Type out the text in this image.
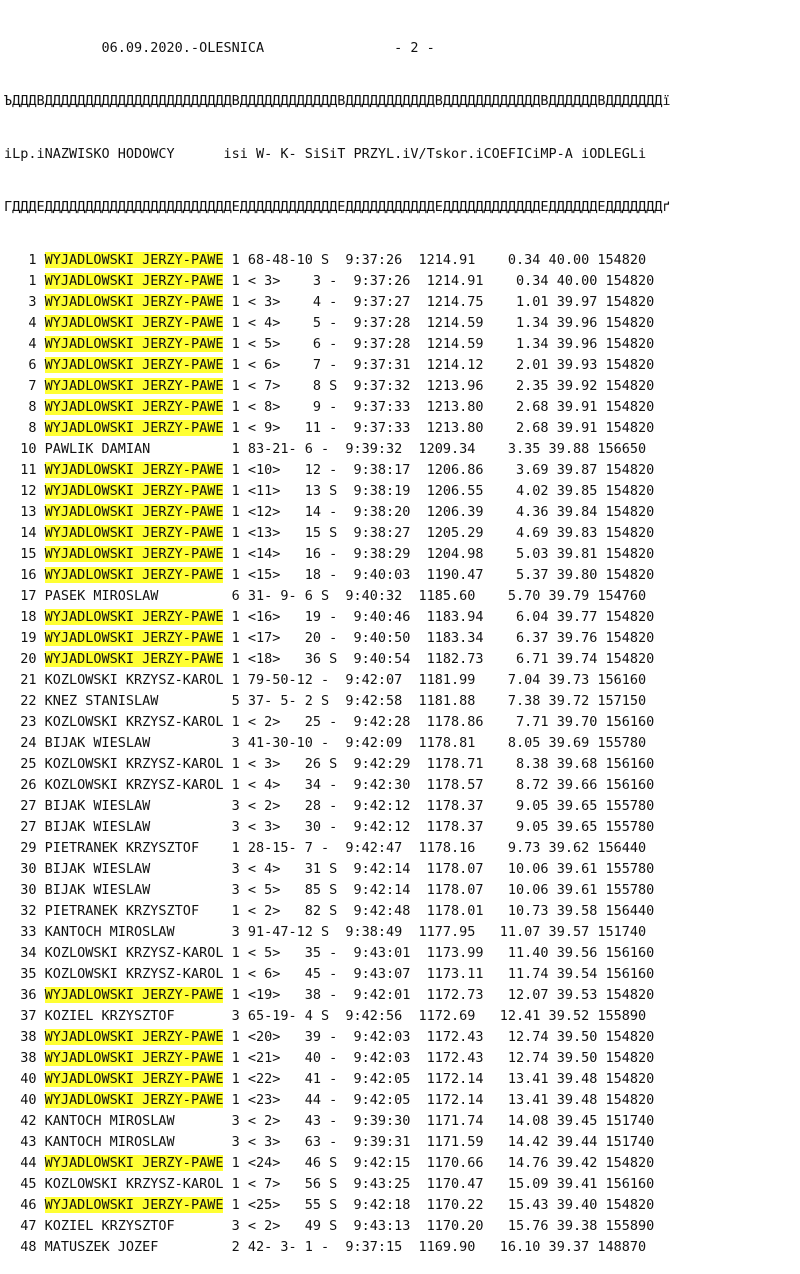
06.09.2020.-OLESNICA                - 2 -

ЪДДДВДДДДДДДДДДДДДДДДДДДДДДДВДДДДДДДДДДДДВДДДДДДДДДДДВДДДДДДДДДДДДВДДДДДДВДДДДДДДї

іLp.іNAZWISKO HODOWCY      isi W- K- SiSiT PRZYL.iV/Tskor.iCOEFICiMP-A iODLEGLi

ГДДДЕДДДДДДДДДДДДДДДДДДДДДДДЕДДДДДДДДДДДДЕДДДДДДДДДДДЕДДДДДДДДДДДДЕДДДДДДЕДДДДДДДґ

1 WYJADLOWSKI JERZY-PAWE 1 68-48-10 S  9:37:26  1214.91    0.34 40.00 154820
1 WYJADLOWSKI JERZY-PAWE 1 < 3>    3 -  9:37:26  1214.91    0.34 40.00 154820
3 WYJADLOWSKI JERZY-PAWE 1 < 3>    4 -  9:37:27  1214.75    1.01 39.97 154820
4 WYJADLOWSKI JERZY-PAWE 1 < 4>    5 -  9:37:28  1214.59    1.34 39.96 154820
4 WYJADLOWSKI JERZY-PAWE 1 < 5>    6 -  9:37:28  1214.59    1.34 39.96 154820
6 WYJADLOWSKI JERZY-PAWE 1 < 6>    7 -  9:37:31  1214.12    2.01 39.93 154820
7 WYJADLOWSKI JERZY-PAWE 1 < 7>    8 S  9:37:32  1213.96    2.35 39.92 154820
8 WYJADLOWSKI JERZY-PAWE 1 < 8>    9 -  9:37:33  1213.80    2.68 39.91 154820
8 WYJADLOWSKI JERZY-PAWE 1 < 9>   11 -  9:37:33  1213.80    2.68 39.91 154820
10 PAWLIK DAMIAN          1 83-21- 6 -  9:39:32  1209.34    3.35 39.88 156650
11 WYJADLOWSKI JERZY-PAWE 1 <10>   12 -  9:38:17  1206.86    3.69 39.87 154820
12 WYJADLOWSKI JERZY-PAWE 1 <11>   13 S  9:38:19  1206.55    4.02 39.85 154820
13 WYJADLOWSKI JERZY-PAWE 1 <12>   14 -  9:38:20  1206.39    4.36 39.84 154820
14 WYJADLOWSKI JERZY-PAWE 1 <13>   15 S  9:38:27  1205.29    4.69 39.83 154820
15 WYJADLOWSKI JERZY-PAWE 1 <14>   16 -  9:38:29  1204.98    5.03 39.81 154820
16 WYJADLOWSKI JERZY-PAWE 1 <15>   18 -  9:40:03  1190.47    5.37 39.80 154820
17 PASEK MIROSLAW         6 31- 9- 6 S  9:40:32  1185.60    5.70 39.79 154760
18 WYJADLOWSKI JERZY-PAWE 1 <16>   19 -  9:40:46  1183.94    6.04 39.77 154820
19 WYJADLOWSKI JERZY-PAWE 1 <17>   20 -  9:40:50  1183.34    6.37 39.76 154820
20 WYJADLOWSKI JERZY-PAWE 1 <18>   36 S  9:40:54  1182.73    6.71 39.74 154820
21 KOZLOWSKI KRZYSZ-KAROL 1 79-50-12 -  9:42:07  1181.99    7.04 39.73 156160
22 KNEZ STANISLAW         5 37- 5- 2 S  9:42:58  1181.88    7.38 39.72 157150
23 KOZLOWSKI KRZYSZ-KAROL 1 < 2>   25 -  9:42:28  1178.86    7.71 39.70 156160
24 BIJAK WIESLAW          3 41-30-10 -  9:42:09  1178.81    8.05 39.69 155780
25 KOZLOWSKI KRZYSZ-KAROL 1 < 3>   26 S  9:42:29  1178.71    8.38 39.68 156160
26 KOZLOWSKI KRZYSZ-KAROL 1 < 4>   34 -  9:42:30  1178.57    8.72 39.66 156160
27 BIJAK WIESLAW          3 < 2>   28 -  9:42:12  1178.37    9.05 39.65 155780
27 BIJAK WIESLAW          3 < 3>   30 -  9:42:12  1178.37    9.05 39.65 155780
29 PIETRANEK KRZYSZTOF    1 28-15- 7 -  9:42:47  1178.16    9.73 39.62 156440
30 BIJAK WIESLAW          3 < 4>   31 S  9:42:14  1178.07   10.06 39.61 155780
30 BIJAK WIESLAW          3 < 5>   85 S  9:42:14  1178.07   10.06 39.61 155780
32 PIETRANEK KRZYSZTOF    1 < 2>   82 S  9:42:48  1178.01   10.73 39.58 156440
33 KANTOCH MIROSLAW       3 91-47-12 S  9:38:49  1177.95   11.07 39.57 151740
34 KOZLOWSKI KRZYSZ-KAROL 1 < 5>   35 -  9:43:01  1173.99   11.40 39.56 156160
35 KOZLOWSKI KRZYSZ-KAROL 1 < 6>   45 -  9:43:07  1173.11   11.74 39.54 156160
36 WYJADLOWSKI JERZY-PAWE 1 <19>   38 -  9:42:01  1172.73   12.07 39.53 154820
37 KOZIEL KRZYSZTOF       3 65-19- 4 S  9:42:56  1172.69   12.41 39.52 155890
38 WYJADLOWSKI JERZY-PAWE 1 <20>   39 -  9:42:03  1172.43   12.74 39.50 154820
38 WYJADLOWSKI JERZY-PAWE 1 <21>   40 -  9:42:03  1172.43   12.74 39.50 154820
40 WYJADLOWSKI JERZY-PAWE 1 <22>   41 -  9:42:05  1172.14   13.41 39.48 154820
40 WYJADLOWSKI JERZY-PAWE 1 <23>   44 -  9:42:05  1172.14   13.41 39.48 154820
42 KANTOCH MIROSLAW       3 < 2>   43 -  9:39:30  1171.74   14.08 39.45 151740
43 KANTOCH MIROSLAW       3 < 3>   63 -  9:39:31  1171.59   14.42 39.44 151740
44 WYJADLOWSKI JERZY-PAWE 1 <24>   46 S  9:42:15  1170.66   14.76 39.42 154820
45 KOZLOWSKI KRZYSZ-KAROL 1 < 7>   56 S  9:43:25  1170.47   15.09 39.41 156160
46 WYJADLOWSKI JERZY-PAWE 1 <25>   55 S  9:42:18  1170.22   15.43 39.40 154820
47 KOZIEL KRZYSZTOF       3 < 2>   49 S  9:43:13  1170.20   15.76 39.38 155890
48 MATUSZEK JOZEF         2 42- 3- 1 -  9:37:15  1169.90   16.10 39.37 148870
